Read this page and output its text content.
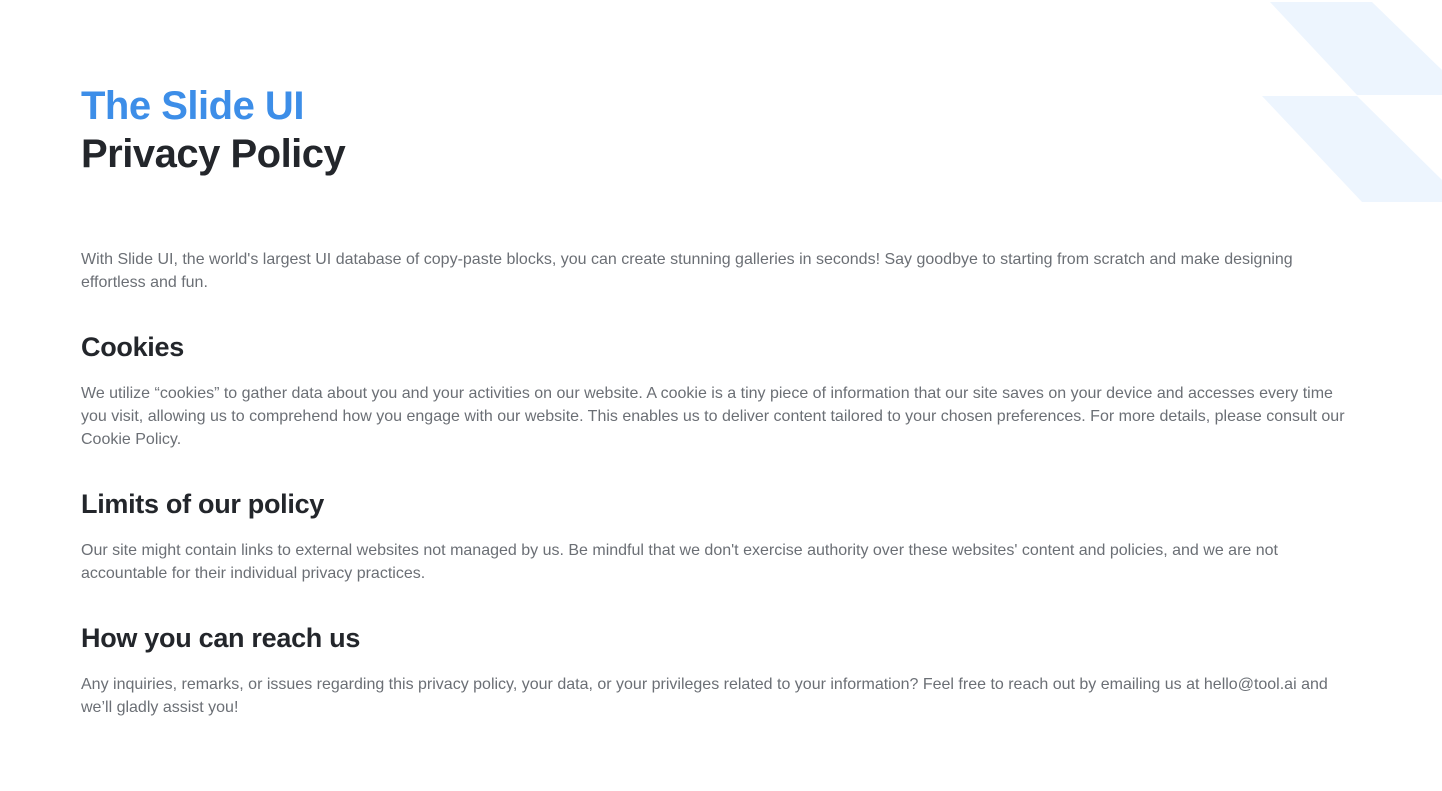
The Slide UI
Privacy Policy

With Slide UI, the world's largest UI database of copy-paste blocks, you can create stunning galleries in seconds! Say goodbye to starting from scratch and make designing effortless and fun.

Cookies

We utilize “cookies” to gather data about you and your activities on our website. A cookie is a tiny piece of information that our site saves on your device and accesses every time you visit, allowing us to comprehend how you engage with our website. This enables us to deliver content tailored to your chosen preferences. For more details, please consult our Cookie Policy.

Limits of our policy

Our site might contain links to external websites not managed by us. Be mindful that we don't exercise authority over these websites' content and policies, and we are not accountable for their individual privacy practices.

How you can reach us

Any inquiries, remarks, or issues regarding this privacy policy, your data, or your privileges related to your information? Feel free to reach out by emailing us at hello@tool.ai and we’ll gladly assist you!
